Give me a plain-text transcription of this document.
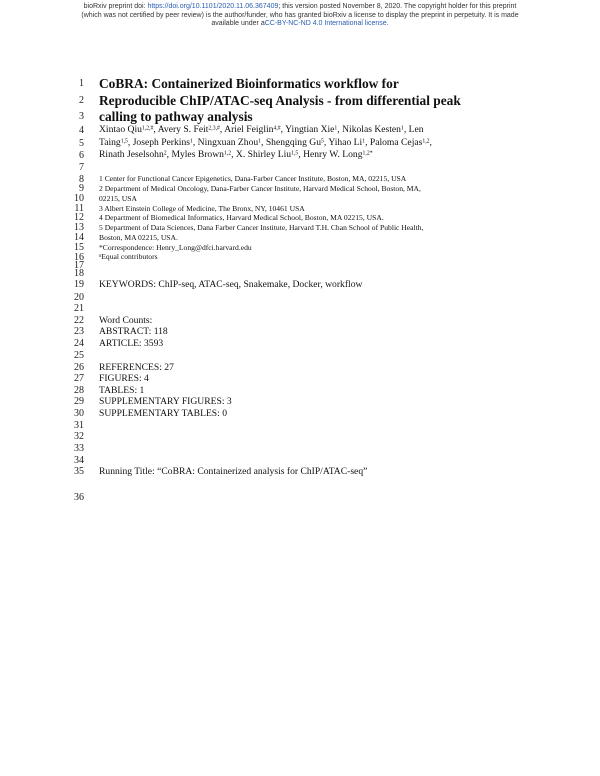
bioRxiv preprint doi: https://doi.org/10.1101/2020.11.06.367409; this version posted November 8, 2020. The copyright holder for this preprint
(which was not certified by peer review) is the author/funder, who has granted bioRxiv a license to display the preprint in perpetuity. It is made
available under aCC-BY-NC-ND 4.0 International license.
1
2
3
4
5
6
7
8
9
10
11
12
13
14
15
16
17
18
19
20
21
22
23
24
25
26
27
28
29
30
31
32
33
34
35
36
CoBRA: Containerized Bioinformatics workflow for
Reproducible ChIP/ATAC-seq Analysis - from differential peak
calling to pathway analysis
Xintao Qiu$^{1,2,\#}$, Avery S. Feit$^{2,3,\#}$, Ariel Feiglin$^{4,\#}$, Yingtian Xie$^1$, Nikolas Kesten$^1$, Len
Taing$^{1,5}$, Joseph Perkins$^1$, Ningxuan Zhou$^1$, Shengqing Gu$^5$, Yihao Li$^1$, Paloma Cejas$^{1,2}$,
Rinath Jeselsohn$^2$, Myles Brown$^{1,2}$, X. Shirley Liu$^{1,5}$, Henry W. Long$^{1,2*}$
1 Center for Functional Cancer Epigenetics, Dana-Farber Cancer Institute, Boston, MA, 02215, USA
2 Department of Medical Oncology, Dana-Farber Cancer Institute, Harvard Medical School, Boston, MA,
02215, USA
3 Albert Einstein College of Medicine, The Bronx, NY, 10461 USA
4 Department of Biomedical Informatics, Harvard Medical School, Boston, MA 02215, USA.
5 Department of Data Sciences, Dana Farber Cancer Institute, Harvard T.H. Chan School of Public Health,
Boston, MA 02215, USA.
*Correspondence: Henry_Long@dfci.harvard.edu
#Equal contributors
KEYWORDS: ChIP-seq, ATAC-seq, Snakemake, Docker, workflow
Word Counts:
ABSTRACT: 118
ARTICLE: 3593
REFERENCES: 27
FIGURES: 4
TABLES: 1
SUPPLEMENTARY FIGURES: 3
SUPPLEMENTARY TABLES: 0
Running Title: “CoBRA: Containerized analysis for ChIP/ATAC-seq”
